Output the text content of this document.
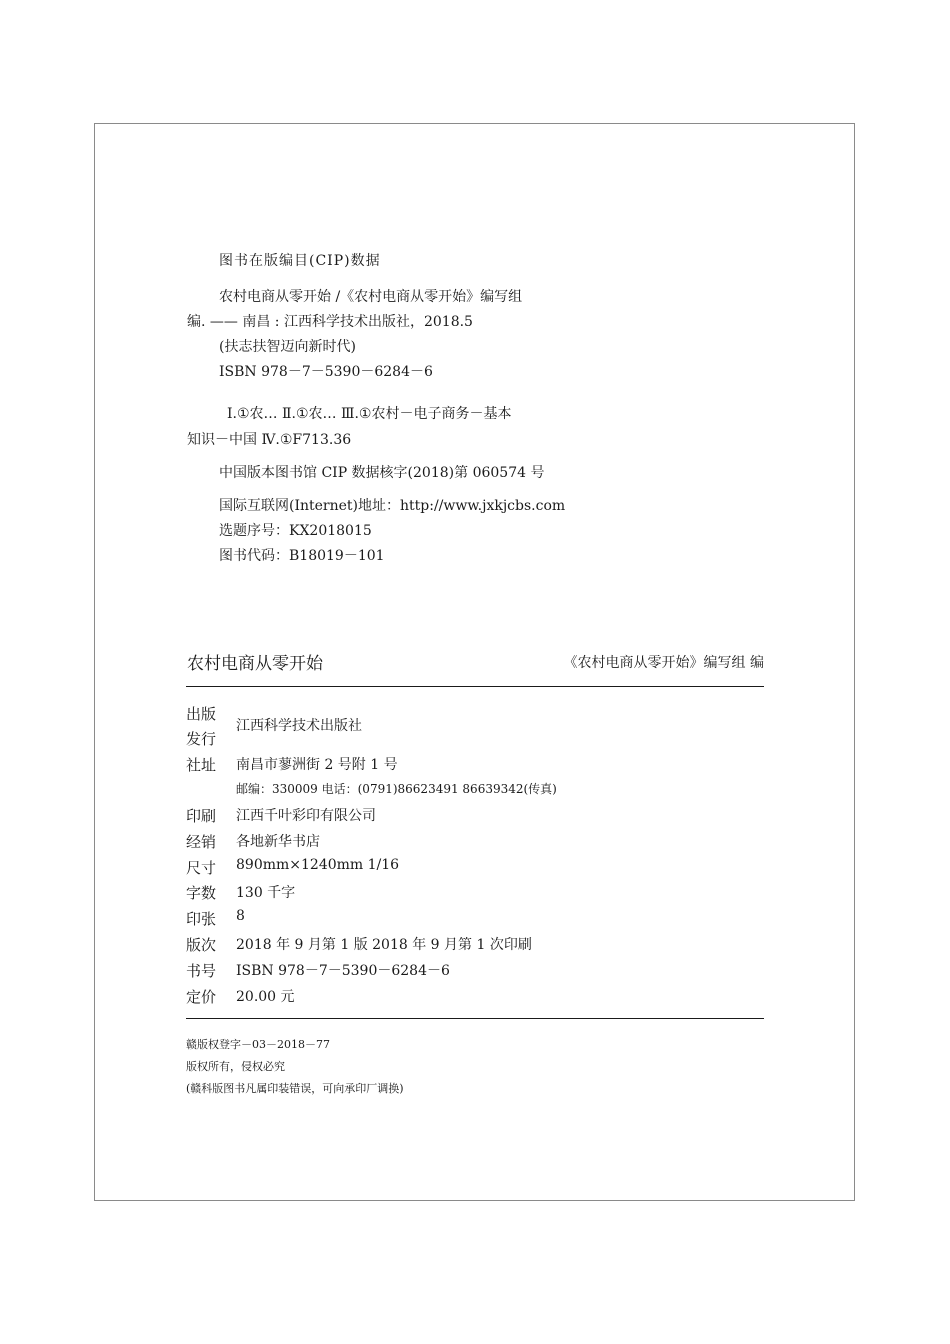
图书在版编目(CIP)数据
农村电商从零开始 /《农村电商从零开始》编写组
编. —— 南昌 : 江西科学技术出版社，2018.5
(扶志扶智迈向新时代)
ISBN 978－7－5390－6284－6
Ⅰ.①农… Ⅱ.①农… Ⅲ.①农村－电子商务－基本
知识－中国 Ⅳ.①F713.36
中国版本图书馆 CIP 数据核字(2018)第 060574 号
国际互联网(Internet)地址：http://www.jxkjcbs.com
选题序号：KX2018015
图书代码：B18019－101
农村电商从零开始	《农村电商从零开始》编写组 编
出版
发行
江西科学技术出版社
社址 南昌市蓼洲街 2 号附 1 号
邮编：330009 电话：(0791)86623491 86639342(传真)
印刷 江西千叶彩印有限公司
经销 各地新华书店
尺寸 890mm×1240mm 1/16
字数 130 千字
印张 8
版次 2018 年 9 月第 1 版 2018 年 9 月第 1 次印刷
书号 ISBN 978－7－5390－6284－6
定价 20.00 元
赣版权登字－03－2018－77
版权所有，侵权必究
(赣科版图书凡属印装错误，可向承印厂调换)
